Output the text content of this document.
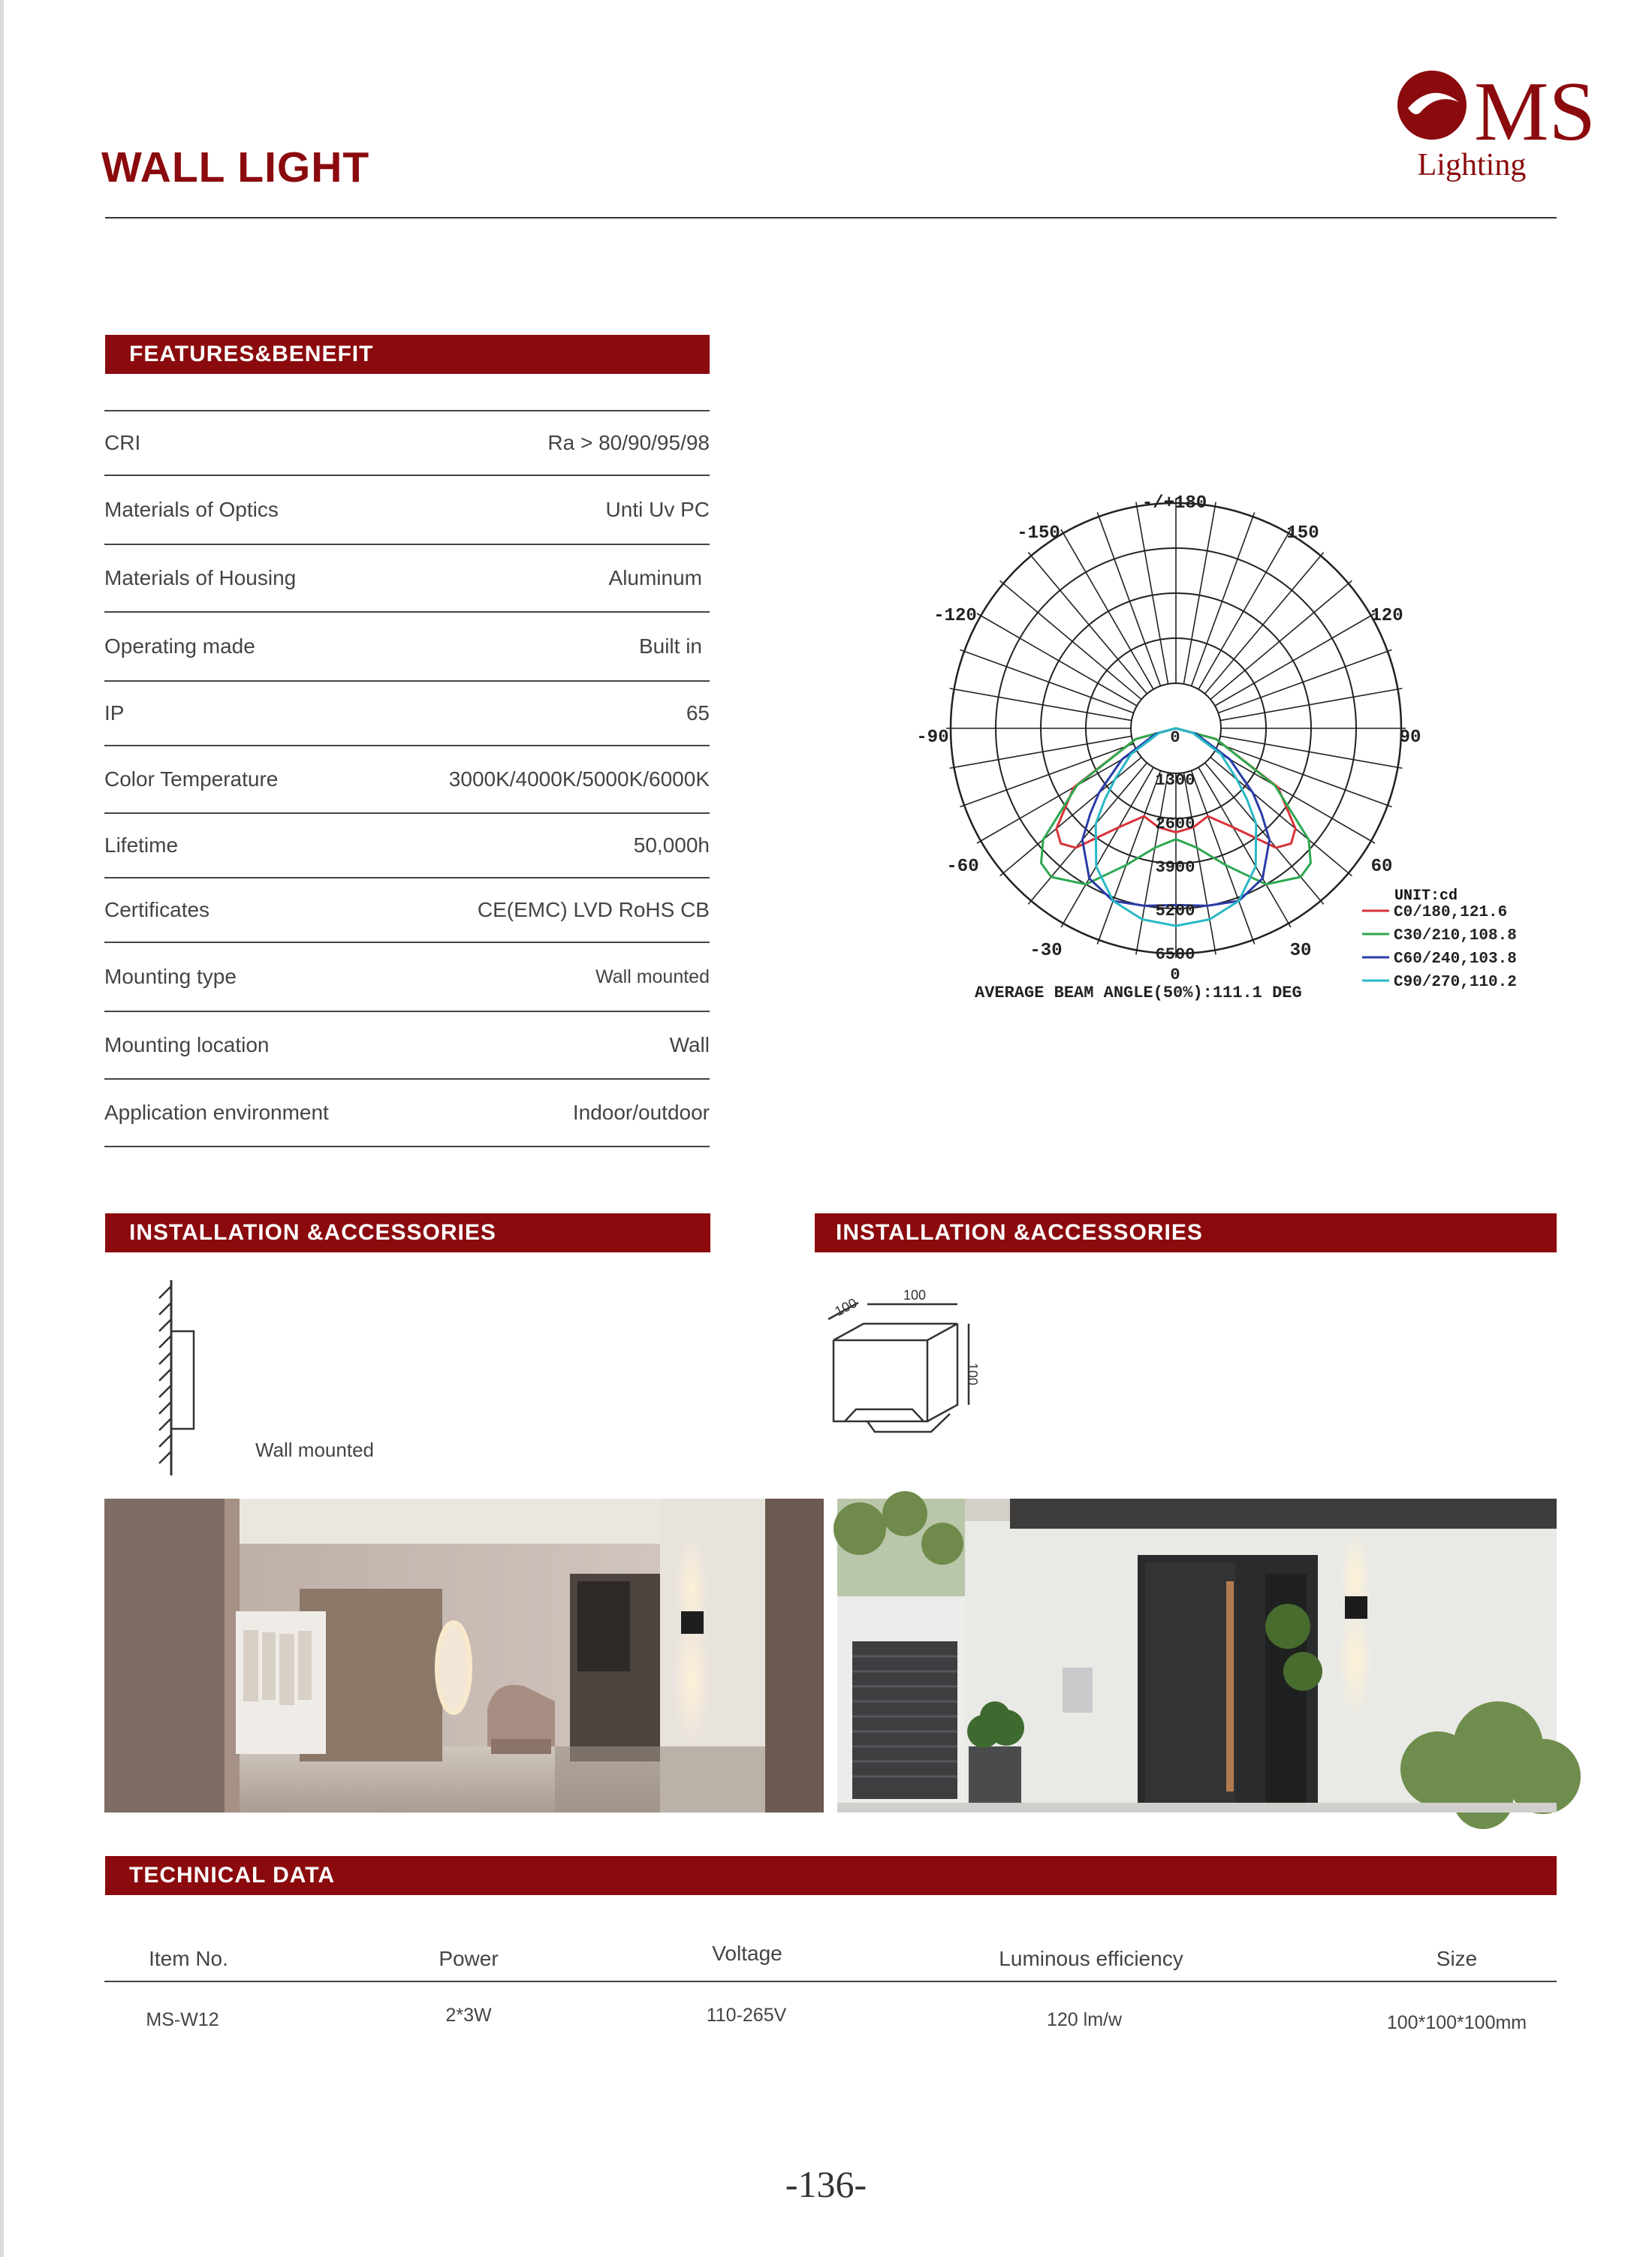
WALL LIGHT
MS
Lighting
FEATURES&BENEFIT
CRI	Ra > 80/90/95/98
Materials of Optics	Unti Uv PC
Materials of Housing	Aluminum
Operating made	Built in
IP	65
Color Temperature	3000K/4000K/5000K/6000K
Lifetime	50,000h
Certificates	CE(EMC) LVD RoHS CB
Mounting type	Wall mounted
Mounting location	Wall
Application environment	Indoor/outdoor
-/+180
-150	150
-120	120
-90	90
-60	60
-30	30
0
1300
2600
3900
5200
6500
0
UNIT:cd
C0/180,121.6
C30/210,108.8
C60/240,103.8
C90/270,110.2
AVERAGE BEAM ANGLE(50%):111.1 DEG
INSTALLATION &ACCESSORIES	INSTALLATION &ACCESSORIES
Wall mounted
100	100
100
TECHNICAL DATA
Item No.	Power	Voltage	Luminous efficiency	Size
MS-W12	2*3W	110-265V	120 lm/w	100*100*100mm
-136-
